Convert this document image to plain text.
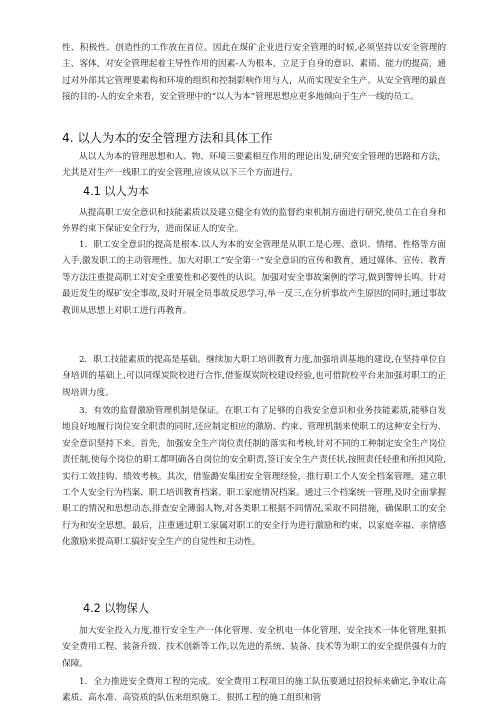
性、积极性、创造性的工作放在首位。因此在煤矿企业进行安全管理的时候,必须坚持以安全管理的主、客体，对安全管理起着主导性作用的因素-人为根本，立足于自身的意识、素质、能力的提高，通过对外部其它管理要素构和环境的组织和控制影响作用与人，从而实现安全生产。从安全管理的最直接的目的-人的安全来看，安全管理中的“以人为本”管理思想应更多地倾向于生产一线的员工。

4. 以人为本的安全管理方法和具体工作

从以人为本的管理思想和人、物、环境三要素相互作用的理论出发,研究安全管理的思路和方法，尤其是对生产一线职工的安全管理,应该从以下三个方面进行。

4.1 以人为本

从提高职工安全意识和技能素质以及建立健全有效的监督约束机制方面进行研究,使员工在自身和外界约束下保证安全行为，进而保证人的安全。

1．职工安全意识的提高是根本.以人为本的安全管理是从职工是心理、意识、情绪、性格等方面入手,激发职工的主动管理性。加大对职工“安全第一”安全意识的宣传和教育，通过媒体、宣传、教育等方法注重提高职工对安全重要性和必要性的认识。加强对安全事故案例的学习,做到警钟长鸣。针对最近发生的煤矿安全事故,及时开展全员事故反思学习,举一反三,在分析事故产生原因的同时,通过事故教训从思想上对职工进行再教育。

2．职工技能素质的提高是基础。继续加大职工培训教育力度,加强培训基地的建设,在坚持单位自身培训的基础上,可以同煤炭院校进行合作,借鉴煤炭院校建设经验,也可借院校平台来加强对职工的正规培训力度。

3．有效的监督激励管理机制是保证。在职工有了足够的自我安全意识和业务技能素质,能够自发地良好地履行岗位安全职责的同时,还应制定相应的激励、约束、管理机制来使职工的这种安全行为、安全意识坚持下来。首先，加强安全生产岗位责任制的落实和考核,针对不同的工种制定安全生产岗位责任制,使每个岗位的职工都明确各自岗位的安全职责,签订安全生产责任状,按照责任轻重和所担风险,实行工效挂钩、绩效考核。其次，借鉴潞安集团安全管理经验，推行职工个人安全档案管理。建立职工个人安全行为档案、职工培训教育档案、职工家庭情况档案。通过三个档案统一管理,及时全面掌握职工的情况和思想动态,排查安全薄弱人物,对各类职工根据不同情况,采取不同措施，确保职工的安全行为和安全思想。最后，注重通过职工家属对职工的安全行为进行激励和约束，以家庭幸福、亲情感化激励来提高职工搞好安全生产的自觉性和主动性。

4.2 以物保人

加大安全投入力度,推行安全生产一体化管理、安全机电一体化管理、安全技术一体化管理,狠抓安全费用工程、装备升级、技术创新等工作,以先进的系统、装备、技术等为职工的安全提供强有力的保障。

1．全力推进安全费用工程的完成。安全费用工程项目的施工队伍要通过招投标来确定,争取让高素质、高水准、高资质的队伍来组织施工。狠抓工程的施工组织和管
